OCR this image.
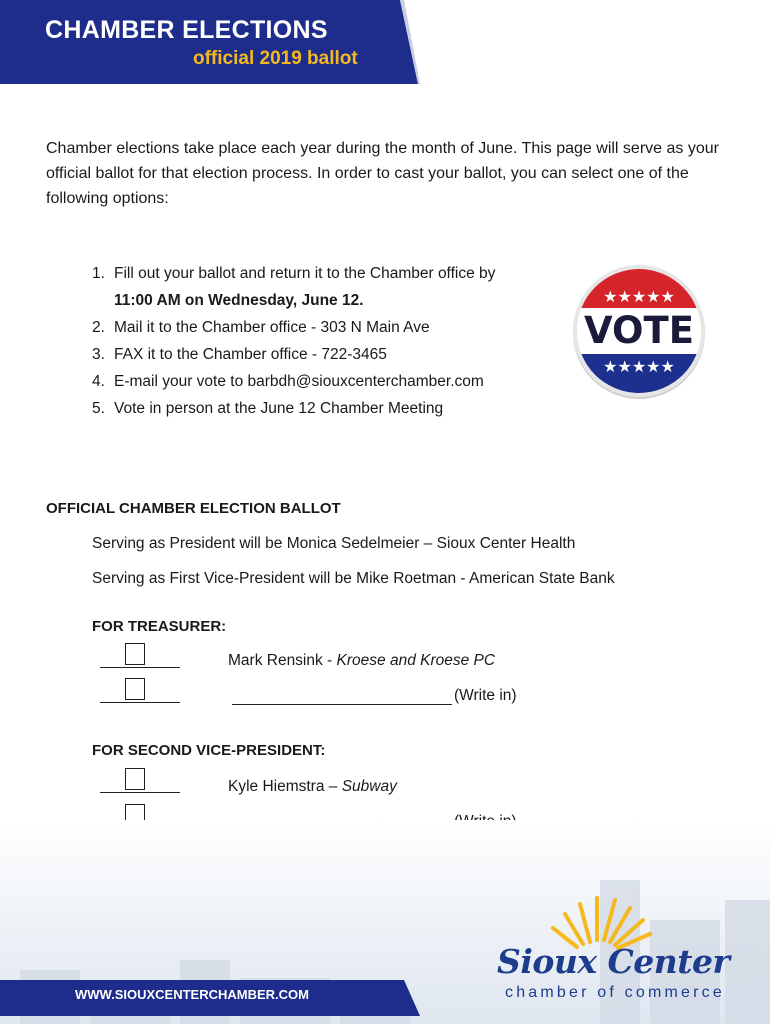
CHAMBER ELECTIONS
official 2019 ballot

Chamber elections take place each year during the month of June. This page will serve as your official ballot for that election process. In order to cast your ballot, you can select one of the following options:

1. Fill out your ballot and return it to the Chamber office by
11:00 AM on Wednesday, June 12.
2. Mail it to the Chamber office - 303 N Main Ave
3. FAX it to the Chamber office - 722-3465
4. E-mail your vote to barbdh@siouxcenterchamber.com
5. Vote in person at the June 12 Chamber Meeting
★★★★★
VOTE
★★★★★
OFFICIAL CHAMBER ELECTION BALLOT
Serving as President will be Monica Sedelmeier – Sioux Center Health
Serving as First Vice-President will be Mike Roetman - American State Bank
FOR TREASURER:
Mark Rensink - Kroese and Kroese PC
(Write in)
FOR SECOND VICE-PRESIDENT:
Kyle Hiemstra – Subway
WWW.SIOUXCENTERCHAMBER.COM
Sioux Center
chamber of commerce
